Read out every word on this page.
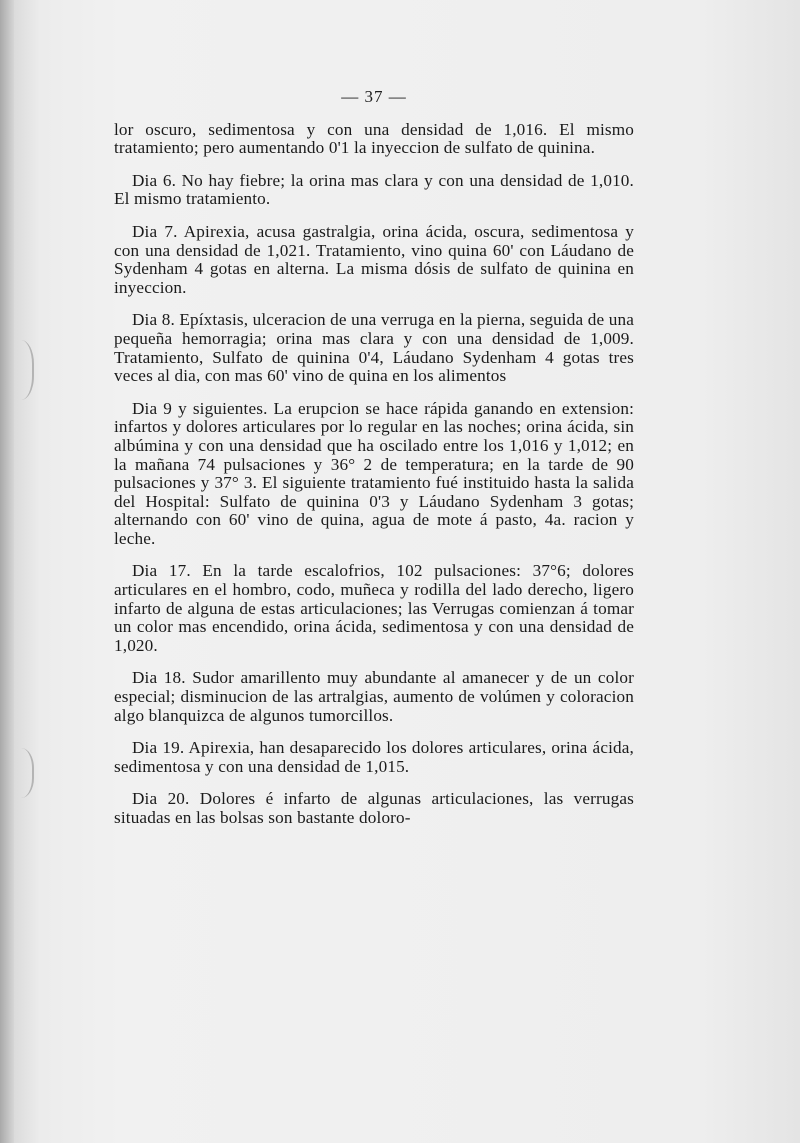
— 37 —

lor oscuro, sedimentosa y con una densidad de 1,016. El mismo tratamiento; pero aumentando 0'1 la inyeccion de sulfato de quinina.

Dia 6. No hay fiebre; la orina mas clara y con una densidad de 1,010. El mismo tratamiento.

Dia 7. Apirexia, acusa gastralgia, orina ácida, oscura, sedimentosa y con una densidad de 1,021. Tratamiento, vino quina 60' con Láudano de Sydenham 4 gotas en alterna. La misma dósis de sulfato de quinina en inyeccion.

Dia 8. Epíxtasis, ulceracion de una verruga en la pierna, seguida de una pequeña hemorragia; orina mas clara y con una densidad de 1,009. Tratamiento, Sulfato de quinina 0'4, Láudano Sydenham 4 gotas tres veces al dia, con mas 60' vino de quina en los alimentos

Dia 9 y siguientes. La erupcion se hace rápida ganando en extension: infartos y dolores articulares por lo regular en las noches; orina ácida, sin albúmina y con una densidad que ha oscilado entre los 1,016 y 1,012; en la mañana 74 pulsaciones y 36° 2 de temperatura; en la tarde de 90 pulsaciones y 37° 3. El siguiente tratamiento fué instituido hasta la salida del Hospital: Sulfato de quinina 0'3 y Láudano Sydenham 3 gotas; alternando con 60' vino de quina, agua de mote á pasto, 4a. racion y leche.

Dia 17. En la tarde escalofrios, 102 pulsaciones: 37°6; dolores articulares en el hombro, codo, muñeca y rodilla del lado derecho, ligero infarto de alguna de estas articulaciones; las Verrugas comienzan á tomar un color mas encendido, orina ácida, sedimentosa y con una densidad de 1,020.

Dia 18. Sudor amarillento muy abundante al amanecer y de un color especial; disminucion de las artralgias, aumento de volúmen y coloracion algo blanquizca de algunos tumorcillos.

Dia 19. Apirexia, han desaparecido los dolores articulares, orina ácida, sedimentosa y con una densidad de 1,015.

Dia 20. Dolores é infarto de algunas articulaciones, las verrugas situadas en las bolsas son bastante doloro-
